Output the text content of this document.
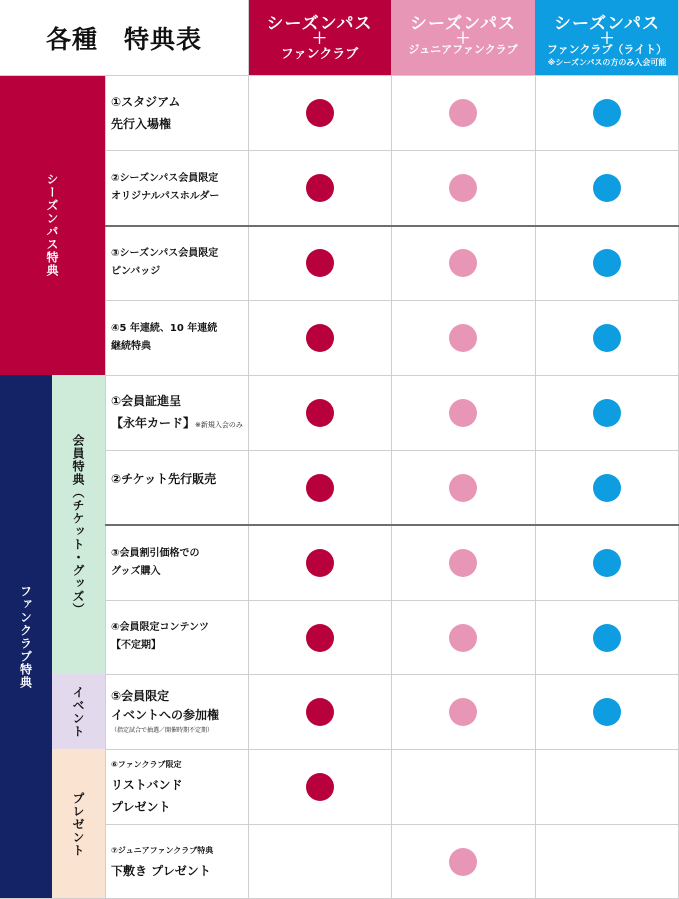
各種　特典表
シーズンパス
＋
ファンクラブ
シーズンパス
＋
ジュニアファンクラブ
シーズンパス
＋
ファンクラブ（ライト）
※シーズンパスの方のみ入会可能
シーズンパス特典
ファンクラブ特典
会員特典（チケット・グッズ）
イベント
プレゼント
①スタジアム
先行入場権
②シーズンパス会員限定
オリジナルパスホルダー
③シーズンパス会員限定
ピンバッジ
④5 年連続、10 年連続
継続特典
①会員証進呈
【永年カード】※新規入会のみ
②チケット先行販売
③会員割引価格での
グッズ購入
④会員限定コンテンツ
【不定期】
⑤会員限定
イベントへの参加権
（指定試合で抽選／開催時期不定期）
⑥ファンクラブ限定
リストバンド
プレゼント
⑦ジュニアファンクラブ特典
下敷き プレゼント
